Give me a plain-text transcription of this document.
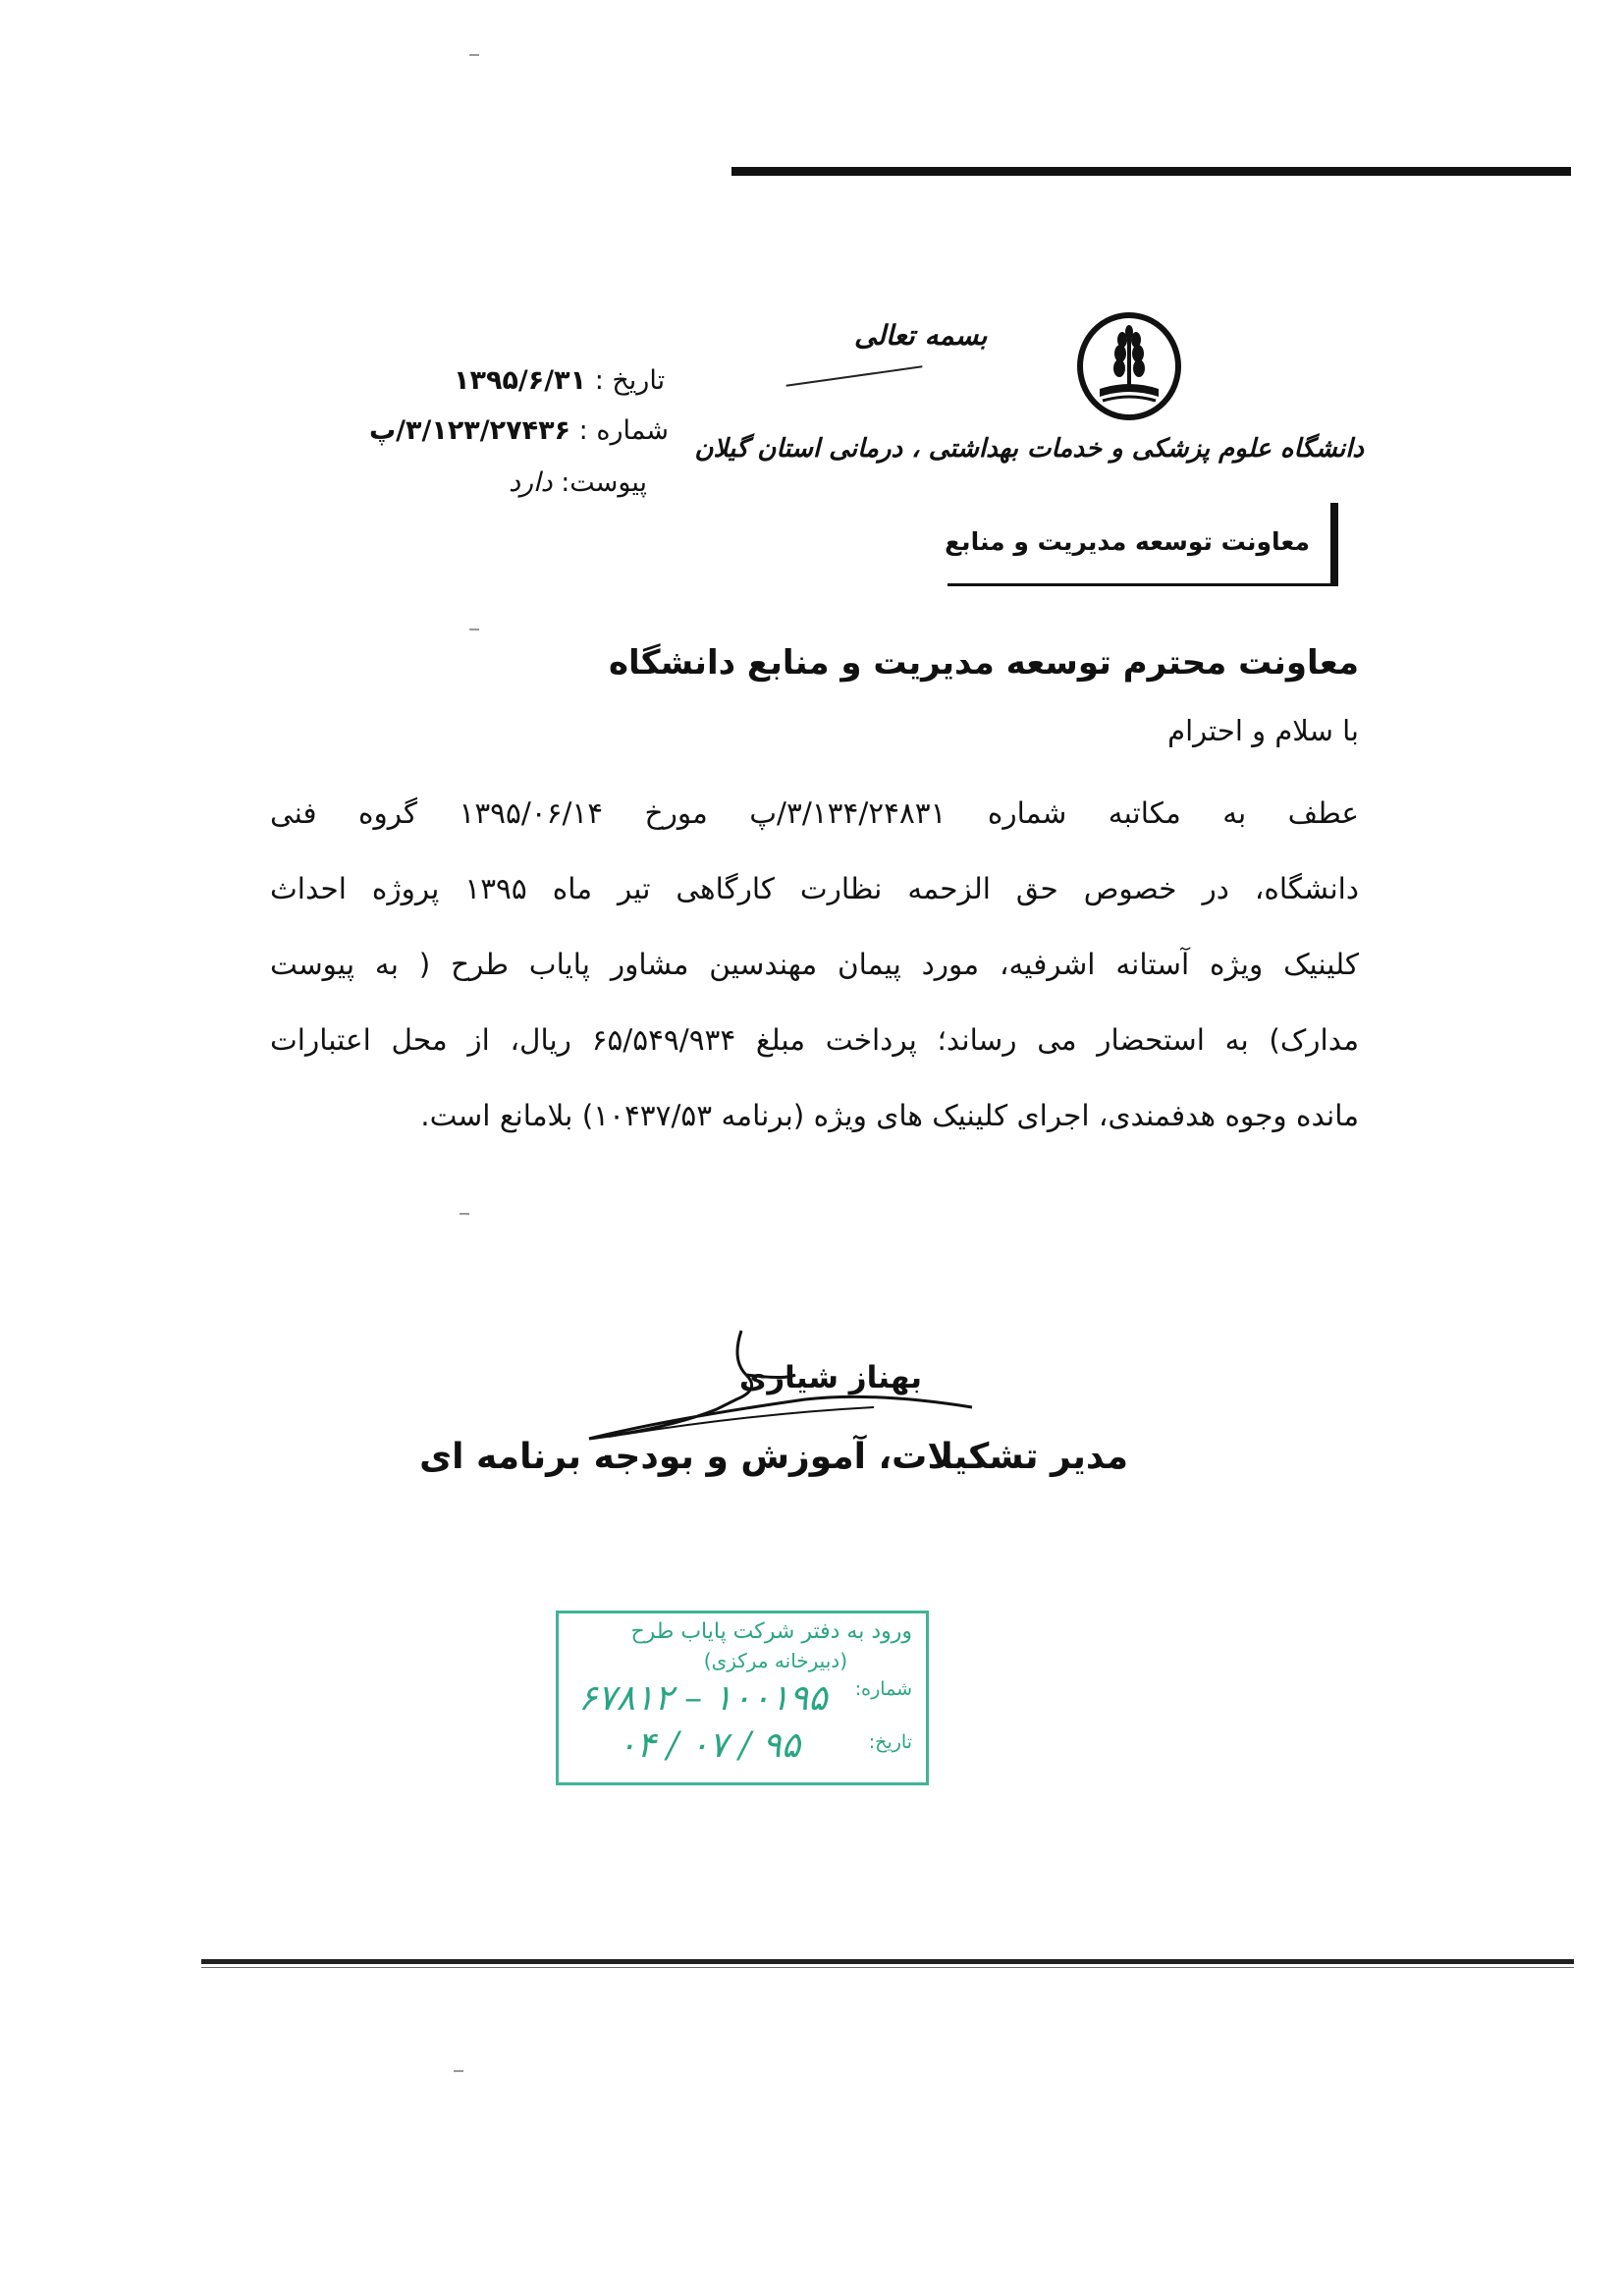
بسمه تعالی
دانشگاه علوم پزشکی و خدمات بهداشتی ، درمانی استان گیلان
معاونت توسعه مدیریت و منابع
تاریخ : ۱۳۹۵/۶/۳۱
شماره : ۳/۱۲۳/۲۷۴۳۶/پ
پیوست: دارد
معاونت محترم توسعه مدیریت و منابع دانشگاه
با سلام و احترام
عطف به مکاتبه شماره ۳/۱۳۴/۲۴۸۳۱/پ مورخ ۱۳۹۵/۰۶/۱۴ گروه فنی
دانشگاه، در خصوص حق الزحمه نظارت کارگاهی تیر ماه ۱۳۹۵ پروژه احداث
کلینیک ویژه آستانه اشرفیه، مورد پیمان مهندسین مشاور پایاب طرح ( به پیوست
مدارک) به استحضار می رساند؛ پرداخت مبلغ ۶۵/۵۴۹/۹۳۴ ریال، از محل اعتبارات
مانده وجوه هدفمندی، اجرای کلینیک های ویژه (برنامه ۱۰۴۳۷/۵۳) بلامانع است.
بهناز شیاری
مدیر تشکیلات، آموزش و بودجه برنامه ای
ورود به دفتر شرکت پایاب طرح
(دبیرخانه مرکزی)
شماره:
تاریخ:
۱۰۰۱۹۵ – ۶۷۸۱۲
۹۵ / ۰۷ / ۰۴
